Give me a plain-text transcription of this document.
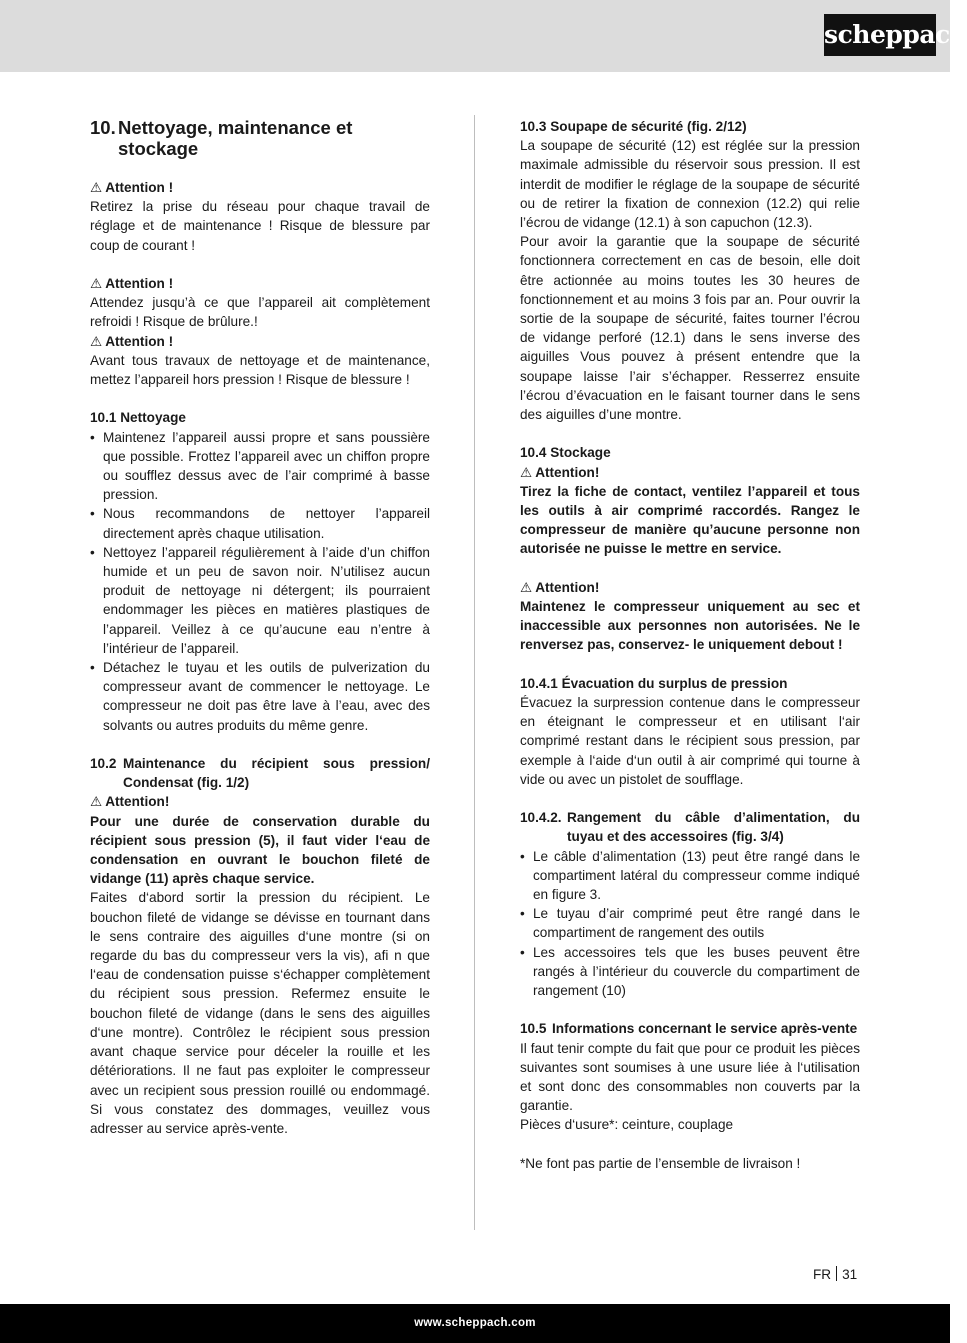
scheppach
10. Nettoyage, maintenance et stockage

⚠ Attention !

Retirez la prise du réseau pour chaque travail de réglage et de maintenance ! Risque de blessure par coup de courant !

⚠ Attention !

Attendez jusqu’à ce que l’appareil ait complètement refroidi ! Risque de brûlure.!

⚠ Attention !

Avant tous travaux de nettoyage et de maintenance, mettez l’appareil hors pression ! Risque de blessure !

10.1 Nettoyage

• Maintenez l’appareil aussi propre et sans poussière que possible. Frottez l’appareil avec un chiffon propre ou soufflez dessus avec de l’air comprimé à basse pression.
• Nous recommandons de nettoyer l’appareil directement après chaque utilisation.
• Nettoyez l’appareil régulièrement à l’aide d’un chiffon humide et un peu de savon noir. N’utilisez aucun produit de nettoyage ni détergent; ils pourraient endommager les pièces en matières plastiques de l’appareil. Veillez à ce qu’aucune eau n’entre à l’intérieur de l’appareil.
• Détachez le tuyau et les outils de pulverization du compresseur avant de commencer le nettoyage. Le compresseur ne doit pas être lave à l’eau, avec des solvants ou autres produits du même genre.
10.2 Maintenance du récipient sous pression/ Condensat (fig. 1/2)

⚠ Attention!

Pour une durée de conservation durable du récipient sous pression (5), il faut vider l‘eau de condensation en ouvrant le bouchon fileté de vidange (11) après chaque service.

Faites d‘abord sortir la pression du récipient. Le bouchon fileté de vidange se dévisse en tournant dans le sens contraire des aiguilles d‘une montre (si on regarde du bas du compresseur vers la vis), afi n que l‘eau de condensation puisse s‘échapper complètement du récipient sous pression. Refermez ensuite le bouchon fileté de vidange (dans le sens des aiguilles d‘une montre). Contrôlez le récipient sous pression avant chaque service pour déceler la rouille et les détériorations. Il ne faut pas exploiter le compresseur avec un recipient sous pression rouillé ou endommagé. Si vous constatez des dommages, veuillez vous adresser au service après-vente.

10.3 Soupape de sécurité (fig. 2/12)

La soupape de sécurité (12) est réglée sur la pression maximale admissible du réservoir sous pression. Il est interdit de modifier le réglage de la soupape de sécurité ou de retirer la fixation de connexion (12.2) qui relie l’écrou de vidange (12.1) à son capuchon (12.3).

Pour avoir la garantie que la soupape de sécurité fonctionnera correctement en cas de besoin, elle doit être actionnée au moins toutes les 30 heures de fonctionnement et au moins 3 fois par an. Pour ouvrir la sortie de la soupape de sécurité, faites tourner l’écrou de vidange perforé (12.1) dans le sens inverse des aiguilles Vous pouvez à présent entendre que la soupape laisse l’air s’échapper. Resserrez ensuite l’écrou d’évacuation en le faisant tourner dans le sens des aiguilles d’une montre.

10.4 Stockage

⚠ Attention!

Tirez la fiche de contact, ventilez l’appareil et tous les outils à air comprimé raccordés. Rangez le compresseur de manière qu’aucune personne non autorisée ne puisse le mettre en service.

⚠ Attention!

Maintenez le compresseur uniquement au sec et inaccessible aux personnes non autorisées. Ne le renversez pas, conservez- le uniquement debout !

10.4.1 Évacuation du surplus de pression

Évacuez la surpression contenue dans le compresseur en éteignant le compresseur et en utilisant l‘air comprimé restant dans le récipient sous pression, par exemple à l‘aide d‘un outil à air comprimé qui tourne à vide ou avec un pistolet de soufflage.

10.4.2. Rangement du câble d’alimentation, du tuyau et des accessoires (fig. 3/4)
• Le câble d’alimentation (13) peut être rangé dans le compartiment latéral du compresseur comme indiqué en figure 3.
• Le tuyau d’air comprimé peut être rangé dans le compartiment de rangement des outils
• Les accessoires tels que les buses peuvent être rangés à l’intérieur du couvercle du compartiment de rangement (10)
10.5 Informations concernant le service après-vente

Il faut tenir compte du fait que pour ce produit les pièces suivantes sont soumises à une usure liée à l‘utilisation et sont donc des consommables non couverts par la garantie.

Pièces d‘usure*: ceinture, couplage

*Ne font pas partie de l’ensemble de livraison !

FR 31
www.scheppach.com
